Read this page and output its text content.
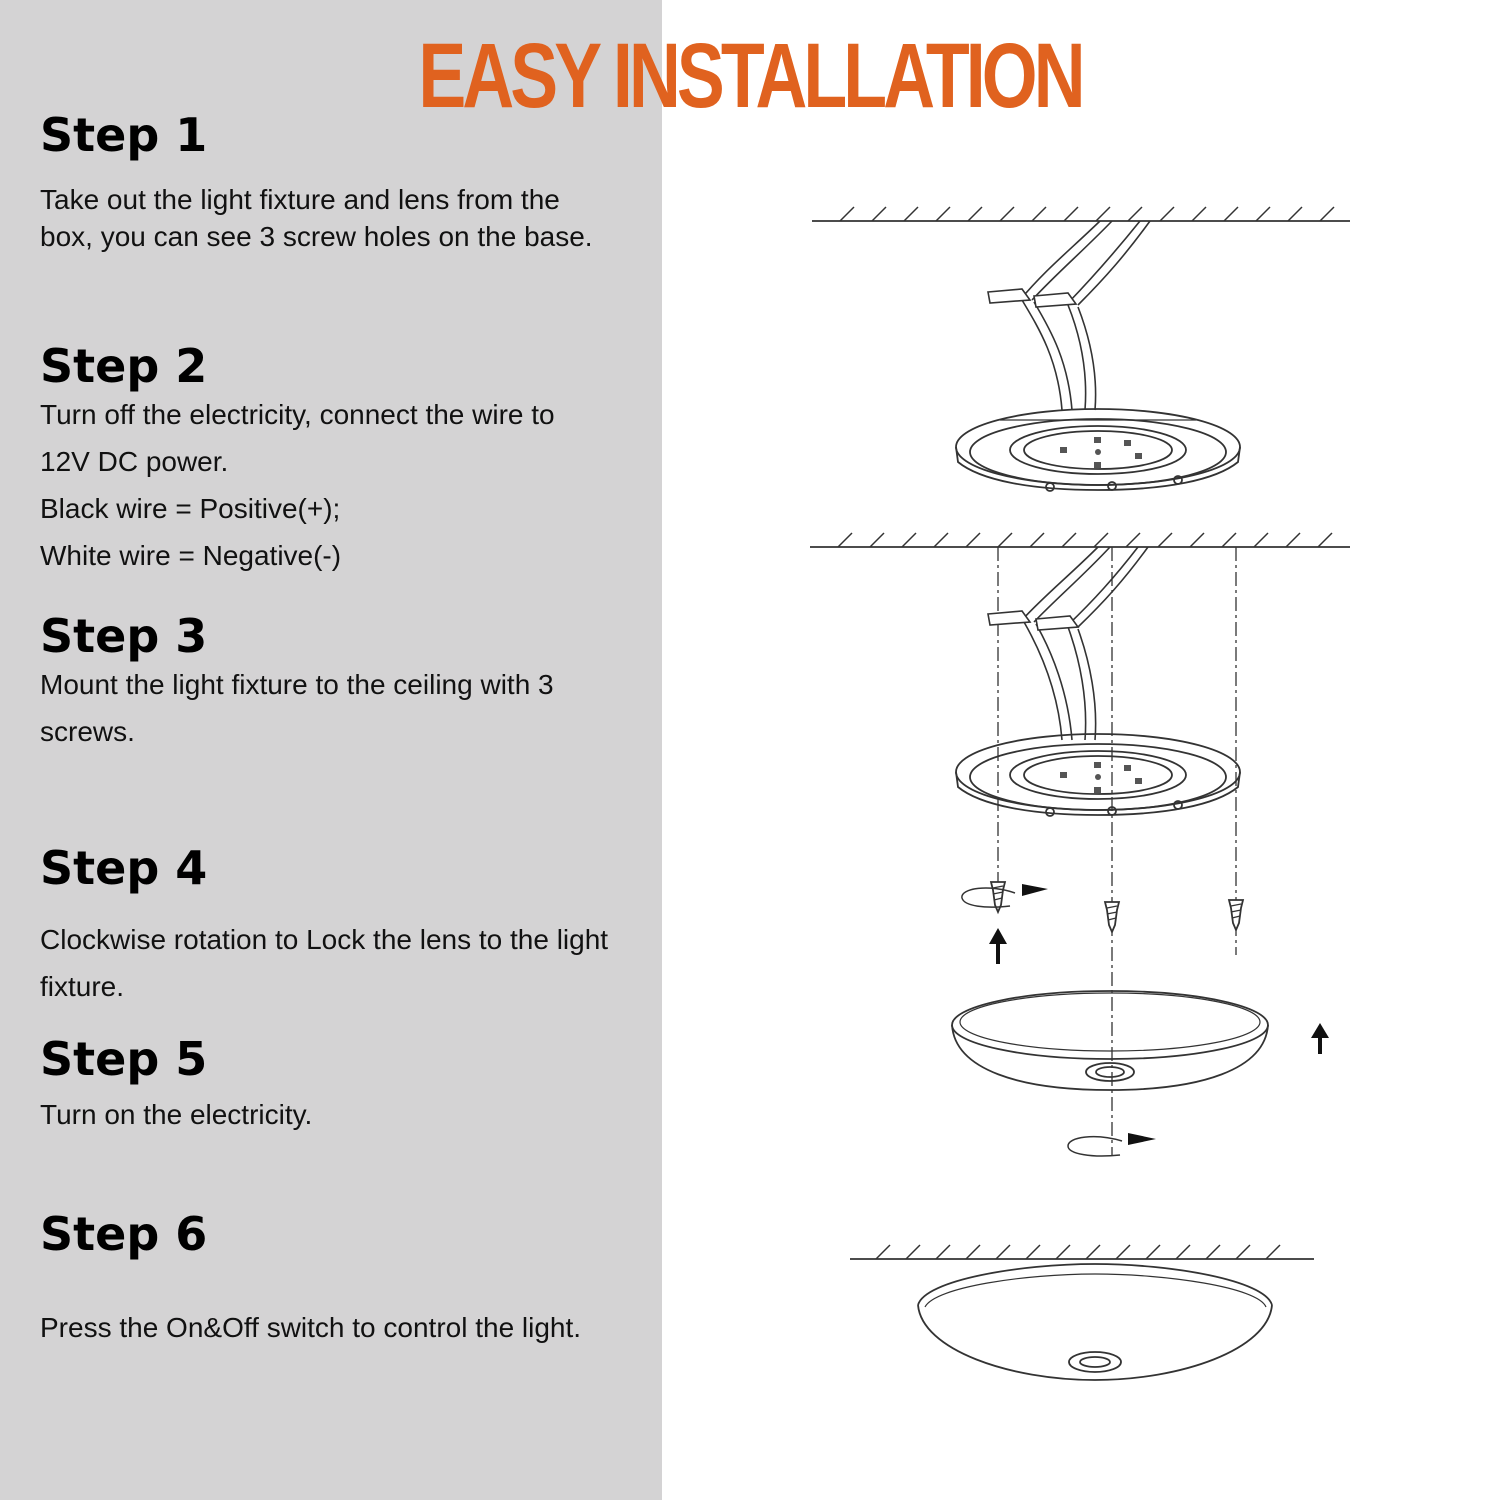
EASY INSTALLATION
Step 1
Take out the light fixture and lens from the
box, you can see 3 screw holes on the base.
Step 2
Turn off the electricity, connect the wire to
12V DC power.
Black wire = Positive(+);
White wire = Negative(-)
Step 3
Mount the light fixture to the ceiling with 3
screws.
Step 4
Clockwise rotation to Lock the lens to the light
fixture.
Step 5
Turn on the electricity.
Step 6
Press the On&Off switch to control the light.
